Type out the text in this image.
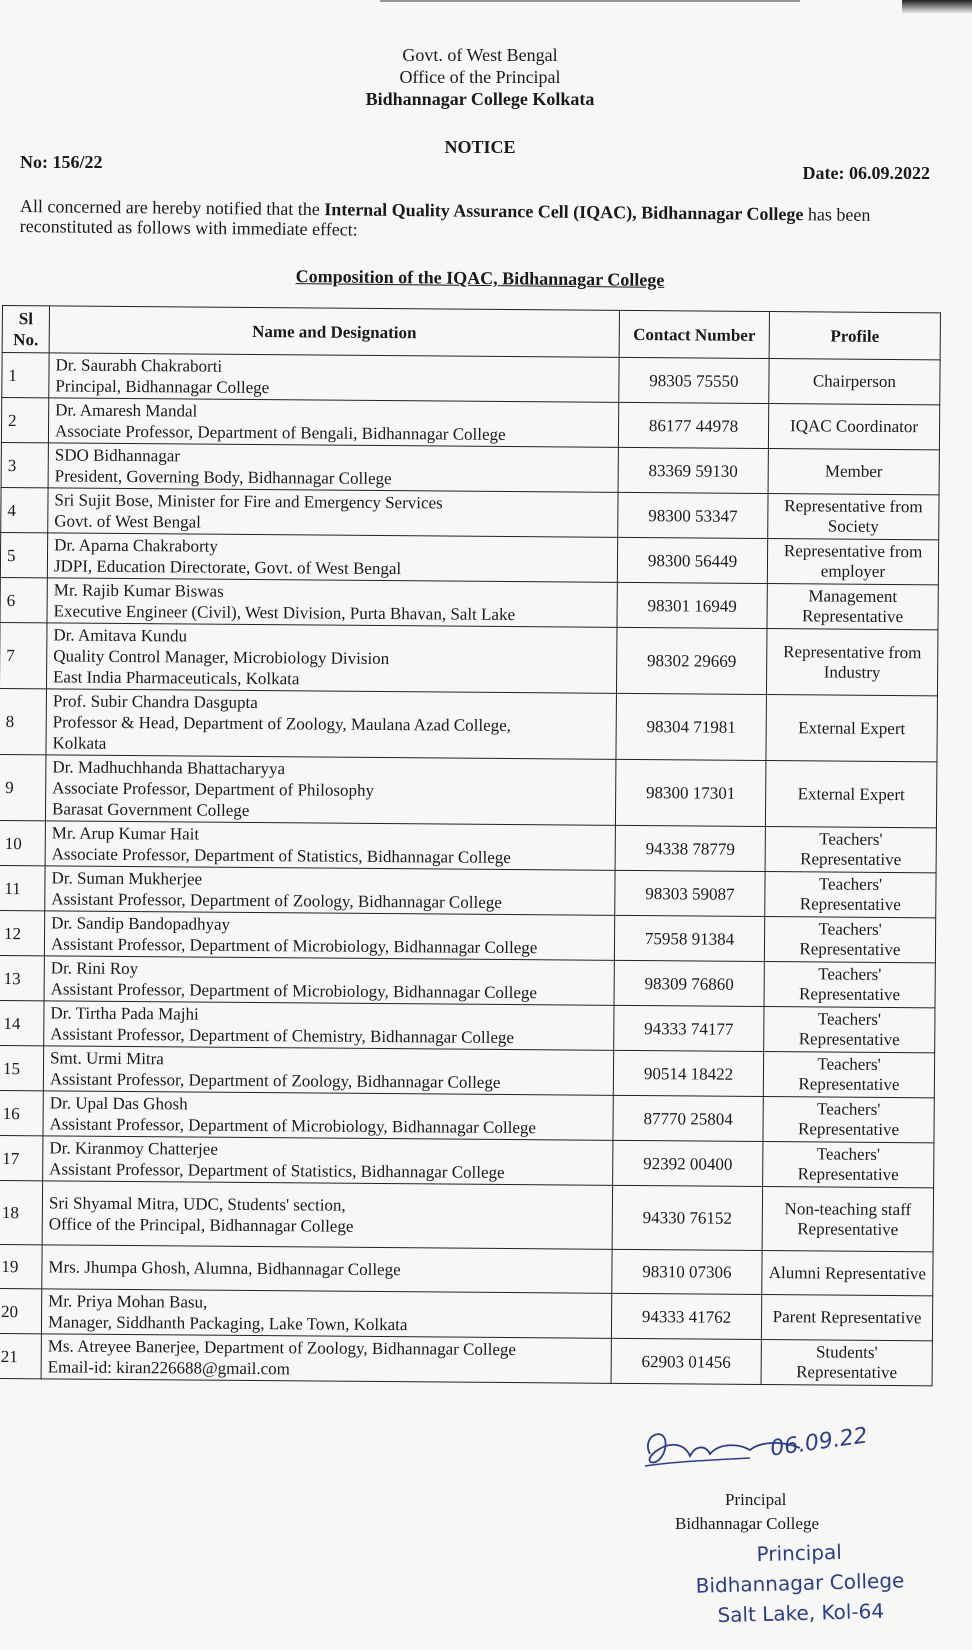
Govt. of West Bengal
Office of the Principal
Bidhannagar College Kolkata
NOTICE
No: 156/22
Date: 06.09.2022
All concerned are hereby notified that the Internal Quality Assurance Cell (IQAC), Bidhannagar College has been reconstituted as follows with immediate effect:
Composition of the IQAC, Bidhannagar College
Sl No.	Name and Designation	Contact Number	Profile
1	Dr. Saurabh Chakraborti
Principal, Bidhannagar College	98305 75550	Chairperson
2	Dr. Amaresh Mandal
Associate Professor, Department of Bengali, Bidhannagar College	86177 44978	IQAC Coordinator
3	SDO Bidhannagar
President, Governing Body, Bidhannagar College	83369 59130	Member
4	Sri Sujit Bose, Minister for Fire and Emergency Services
Govt. of West Bengal	98300 53347	Representative from Society
5	Dr. Aparna Chakraborty
JDPI, Education Directorate, Govt. of West Bengal	98300 56449	Representative from employer
6	Mr. Rajib Kumar Biswas
Executive Engineer (Civil), West Division, Purta Bhavan, Salt Lake	98301 16949	Management Representative
7	Dr. Amitava Kundu
Quality Control Manager, Microbiology Division
East India Pharmaceuticals, Kolkata	98302 29669	Representative from Industry
8	Prof. Subir Chandra Dasgupta
Professor & Head, Department of Zoology, Maulana Azad College,
Kolkata	98304 71981	External Expert
9	Dr. Madhuchhanda Bhattacharyya
Associate Professor, Department of Philosophy
Barasat Government College	98300 17301	External Expert
10	Mr. Arup Kumar Hait
Associate Professor, Department of Statistics, Bidhannagar College	94338 78779	Teachers' Representative
11	Dr. Suman Mukherjee
Assistant Professor, Department of Zoology, Bidhannagar College	98303 59087	Teachers' Representative
12	Dr. Sandip Bandopadhyay
Assistant Professor, Department of Microbiology, Bidhannagar College	75958 91384	Teachers' Representative
13	Dr. Rini Roy
Assistant Professor, Department of Microbiology, Bidhannagar College	98309 76860	Teachers' Representative
14	Dr. Tirtha Pada Majhi
Assistant Professor, Department of Chemistry, Bidhannagar College	94333 74177	Teachers' Representative
15	Smt. Urmi Mitra
Assistant Professor, Department of Zoology, Bidhannagar College	90514 18422	Teachers' Representative
16	Dr. Upal Das Ghosh
Assistant Professor, Department of Microbiology, Bidhannagar College	87770 25804	Teachers' Representative
17	Dr. Kiranmoy Chatterjee
Assistant Professor, Department of Statistics, Bidhannagar College	92392 00400	Teachers' Representative
18	Sri Shyamal Mitra, UDC, Students' section,
Office of the Principal, Bidhannagar College	94330 76152	Non-teaching staff Representative
19	Mrs. Jhumpa Ghosh, Alumna, Bidhannagar College	98310 07306	Alumni Representative
20	Mr. Priya Mohan Basu,
Manager, Siddhanth Packaging, Lake Town, Kolkata	94333 41762	Parent Representative
21	Ms. Atreyee Banerjee, Department of Zoology, Bidhannagar College
Email-id: kiran226688@gmail.com	62903 01456	Students' Representative
06.09.22
Principal
Bidhannagar College
Principal
Bidhannagar College
Salt Lake, Kol-64
